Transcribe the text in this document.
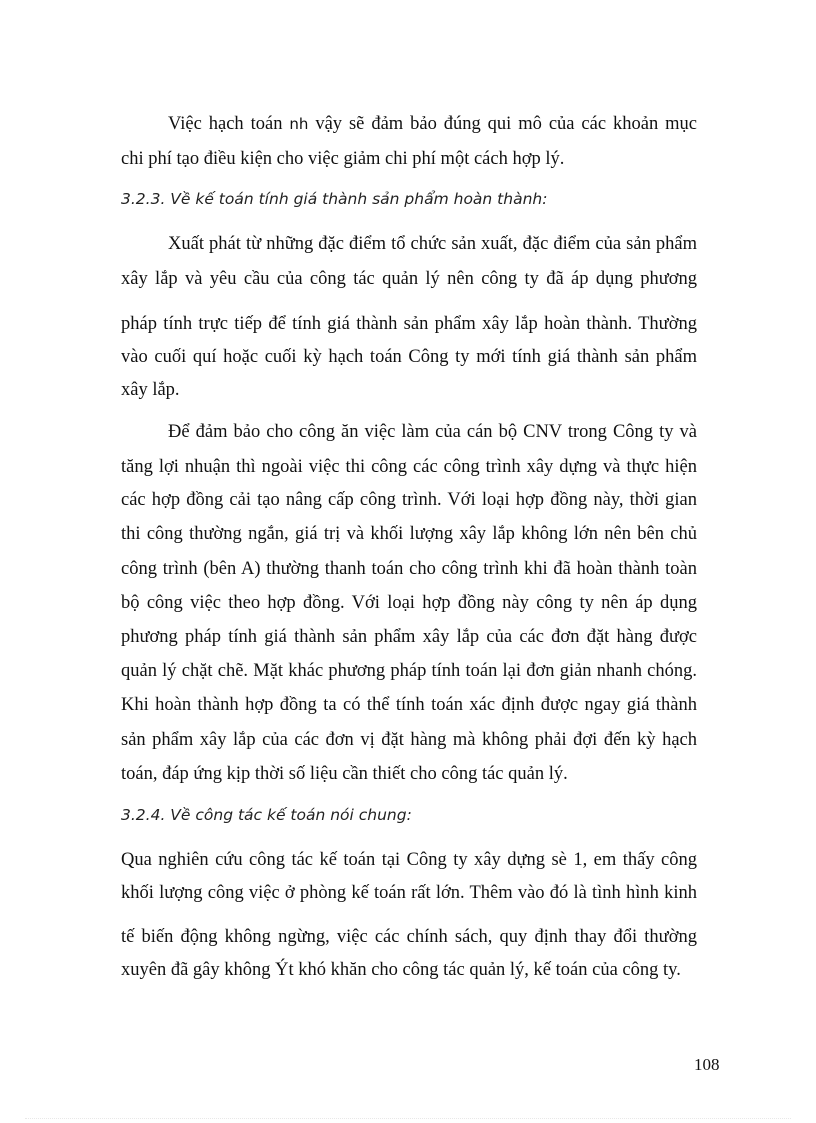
Việc hạch toán nh vậy sẽ đảm bảo đúng qui mô của các khoản mục
chi phí tạo điều kiện cho việc giảm chi phí một cách hợp lý.
3.2.3. Về kế toán tính giá thành sản phẩm hoàn thành:
Xuất phát từ những đặc điểm tổ chức sản xuất, đặc điểm của sản phẩm
xây lắp và yêu cầu của công tác quản lý nên công ty đã áp dụng phương
pháp tính trực tiếp để tính giá thành sản phẩm xây lắp hoàn thành. Thường
vào cuối quí hoặc cuối kỳ hạch toán Công ty mới tính giá thành sản phẩm
xây lắp.
Để đảm bảo cho công ăn việc làm của cán bộ CNV trong Công ty và
tăng lợi nhuận thì ngoài việc thi công các công trình xây dựng và thực hiện
các hợp đồng cải tạo nâng cấp công trình. Với loại hợp đồng này, thời gian
thi công thường ngắn, giá trị và khối lượng xây lắp không lớn nên bên chủ
công trình (bên A) thường thanh toán cho công trình khi đã hoàn thành toàn
bộ công việc theo hợp đồng. Với loại hợp đồng này công ty nên áp dụng
phương pháp tính giá thành sản phẩm xây lắp của các đơn đặt hàng được
quản lý chặt chẽ. Mặt khác phương pháp tính toán lại đơn giản nhanh chóng.
Khi hoàn thành hợp đồng ta có thể tính toán xác định được ngay giá thành
sản phẩm xây lắp của các đơn vị đặt hàng mà không phải đợi đến kỳ hạch
toán, đáp ứng kịp thời số liệu cần thiết cho công tác quản lý.
3.2.4. Về công tác kế toán nói chung:
Qua nghiên cứu công tác kế toán tại Công ty xây dựng sè 1, em thấy công
khối lượng công việc ở phòng kế toán rất lớn. Thêm vào đó là tình hình kinh
tế biến động không ngừng, việc các chính sách, quy định thay đổi thường
xuyên đã gây không Ýt khó khăn cho công tác quản lý, kế toán của công ty.
108
